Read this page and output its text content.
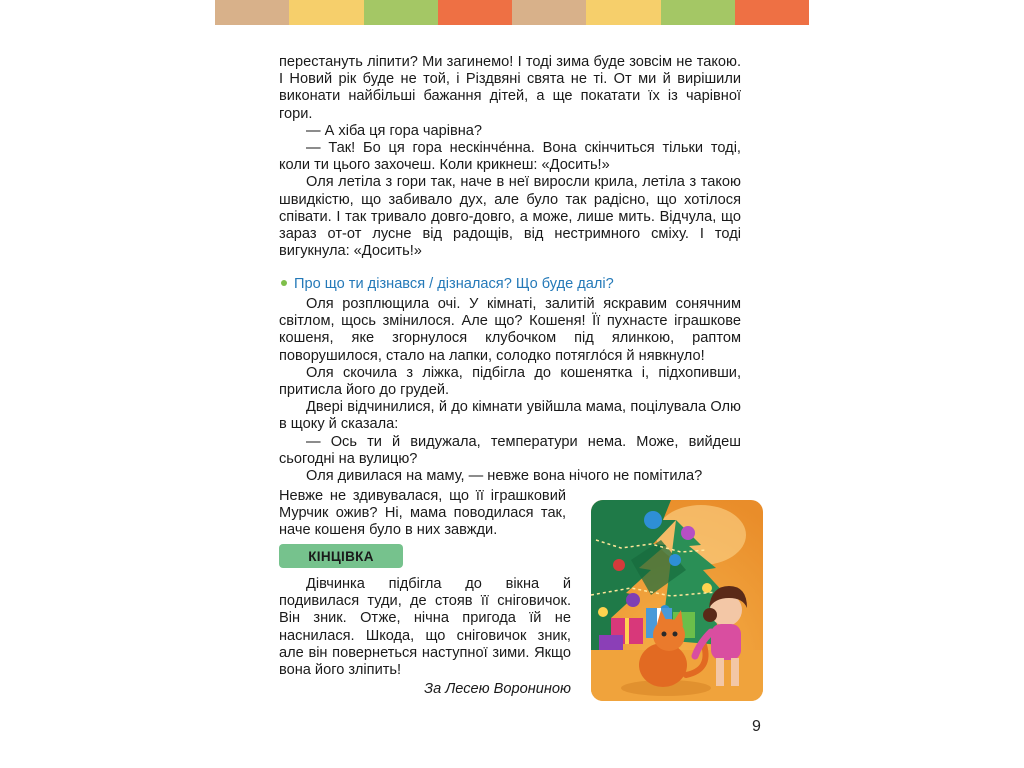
перестануть ліпити? Ми загинемо! І тоді зима буде зовсім не такою. І Новий рік буде не той, і Різдвяні свята не ті. От ми й вирішили виконати найбільші бажання дітей, а ще покатати їх із чарівної гори.

— А хіба ця гора чарівна?

— Так! Бо ця гора нескінче́нна. Вона скінчиться тільки тоді, коли ти цього захочеш. Коли крикнеш: «Досить!»

Оля летіла з гори так, наче в неї виросли крила, летіла з такою швидкістю, що забивало дух, але було так радісно, що хотілося співати. І так тривало довго-довго, а може, лише мить. Відчула, що зараз от-от лусне від радощів, від нестримного сміху. І тоді вигукнула: «Досить!»

Про що ти дізнався / дізналася? Що буде далі?

Оля розплющила очі. У кімнаті, залитій яскравим сонячним світлом, щось змінилося. Але що? Кошеня! Її пухнасте іграшкове кошеня, яке згорнулося клубочком під ялинкою, раптом поворушилося, стало на лапки, солодко потягло́ся й нявкнуло!

Оля скочила з ліжка, підбігла до кошенятка і, підхопивши, притисла його до грудей.

Двері відчинилися, й до кімнати увійшла мама, поцілувала Олю в щоку й сказала:

— Ось ти й видужала, температури нема. Може, вийдеш сьогодні на вулицю?

Оля дивилася на маму, — невже вона нічого не помітила?

Невже не здивувалася, що її іграшковий Мурчик ожив? Ні, мама поводилася так, наче кошеня було в них завжди.

КІНЦІВКА

Дівчинка підбігла до вікна й подивилася туди, де стояв її сніговичок. Він зник. Отже, нічна пригода їй не наснилася. Шкода, що сніговичок зник, але він повернеться наступної зими. Якщо вона його зліпить!

За Лесею Ворониною
9
